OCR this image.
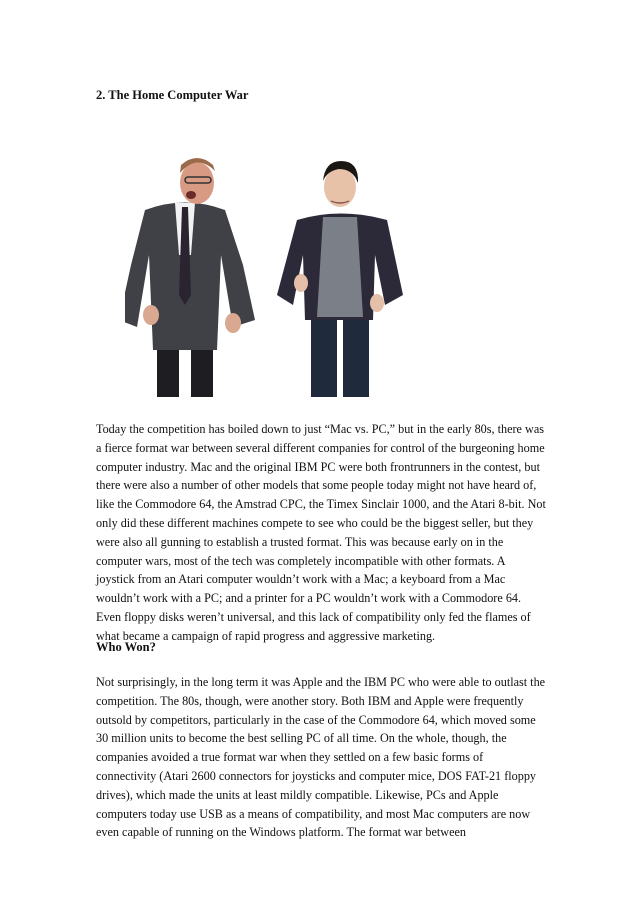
2. The Home Computer War

Today the competition has boiled down to just “Mac vs. PC,” but in the early 80s, there was a fierce format war between several different companies for control of the burgeoning home computer industry. Mac and the original IBM PC were both frontrunners in the contest, but there were also a number of other models that some people today might not have heard of, like the Commodore 64, the Amstrad CPC, the Timex Sinclair 1000, and the Atari 8-bit. Not only did these different machines compete to see who could be the biggest seller, but they were also all gunning to establish a trusted format. This was because early on in the computer wars, most of the tech was completely incompatible with other formats. A joystick from an Atari computer wouldn’t work with a Mac; a keyboard from a Mac wouldn’t work with a PC; and a printer for a PC wouldn’t work with a Commodore 64. Even floppy disks weren’t universal, and this lack of compatibility only fed the flames of what became a campaign of rapid progress and aggressive marketing.

Who Won?

Not surprisingly, in the long term it was Apple and the IBM PC who were able to outlast the competition. The 80s, though, were another story. Both IBM and Apple were frequently outsold by competitors, particularly in the case of the Commodore 64, which moved some 30 million units to become the best selling PC of all time. On the whole, though, the companies avoided a true format war when they settled on a few basic forms of connectivity (Atari 2600 connectors for joysticks and computer mice, DOS FAT-21 floppy drives), which made the units at least mildly compatible. Likewise, PCs and Apple computers today use USB as a means of compatibility, and most Mac computers are now even capable of running on the Windows platform. The format war between
